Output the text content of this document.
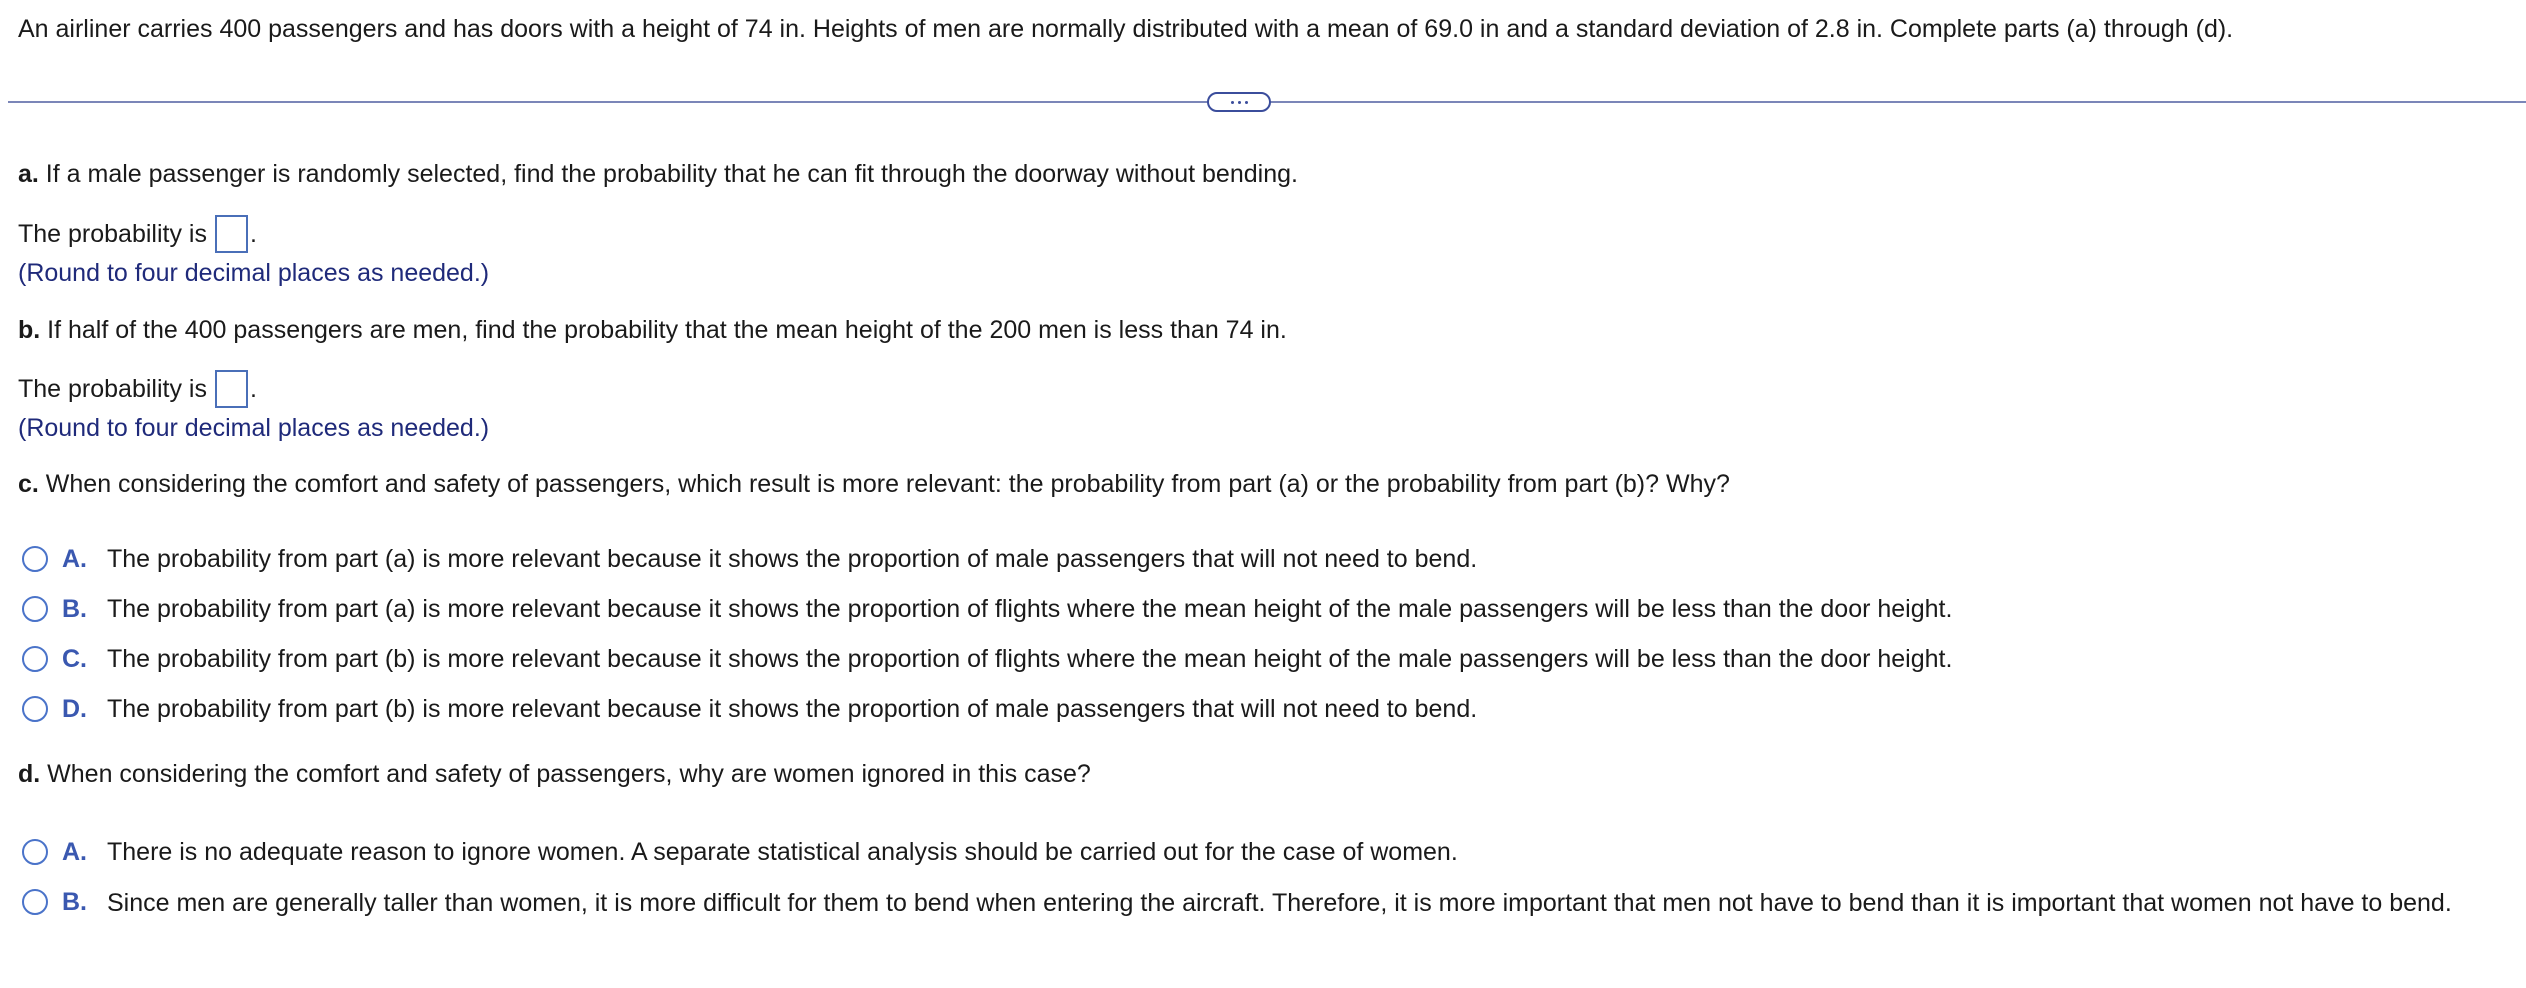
An airliner carries 400 passengers and has doors with a height of 74 in. Heights of men are normally distributed with a mean of 69.0 in and a standard deviation of 2.8 in. Complete parts (a) through (d).
a. If a male passenger is randomly selected, find the probability that he can fit through the doorway without bending.
The probability is .
(Round to four decimal places as needed.)
b. If half of the 400 passengers are men, find the probability that the mean height of the 200 men is less than 74 in.
The probability is .
(Round to four decimal places as needed.)
c. When considering the comfort and safety of passengers, which result is more relevant: the probability from part (a) or the probability from part (b)? Why?
A. The probability from part (a) is more relevant because it shows the proportion of male passengers that will not need to bend.
B. The probability from part (a) is more relevant because it shows the proportion of flights where the mean height of the male passengers will be less than the door height.
C. The probability from part (b) is more relevant because it shows the proportion of flights where the mean height of the male passengers will be less than the door height.
D. The probability from part (b) is more relevant because it shows the proportion of male passengers that will not need to bend.
d. When considering the comfort and safety of passengers, why are women ignored in this case?
A. There is no adequate reason to ignore women. A separate statistical analysis should be carried out for the case of women.
B. Since men are generally taller than women, it is more difficult for them to bend when entering the aircraft. Therefore, it is more important that men not have to bend than it is important that women not have to bend.
